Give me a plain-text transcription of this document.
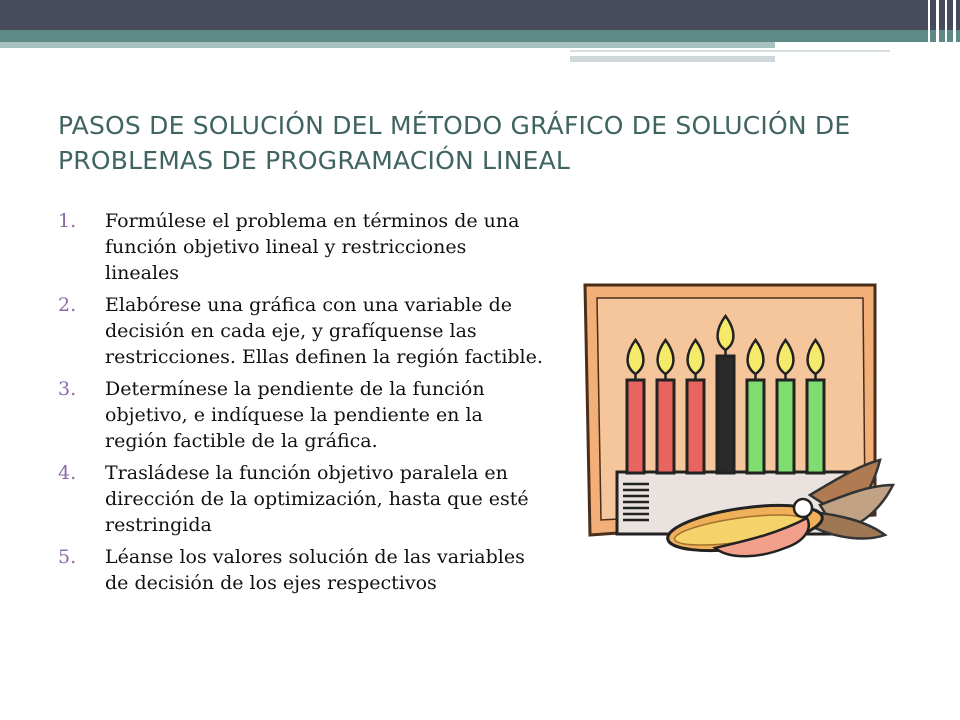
PASOS DE SOLUCIÓN DEL MÉTODO GRÁFICO DE SOLUCIÓN DE PROBLEMAS DE PROGRAMACIÓN LINEAL
1.	Formúlese el problema en términos de una función objetivo lineal y restricciones lineales
2.	Elabórese una gráfica con una variable de decisión en cada eje, y grafíquense las restricciones. Ellas definen la región factible.
3.	Determínese la pendiente de la función objetivo, e indíquese la pendiente en la región factible de la gráfica.
4.	Trasládese la función objetivo paralela en dirección de la optimización, hasta que esté restringida
5.	Léanse los valores solución de las variables de decisión de los ejes respectivos
